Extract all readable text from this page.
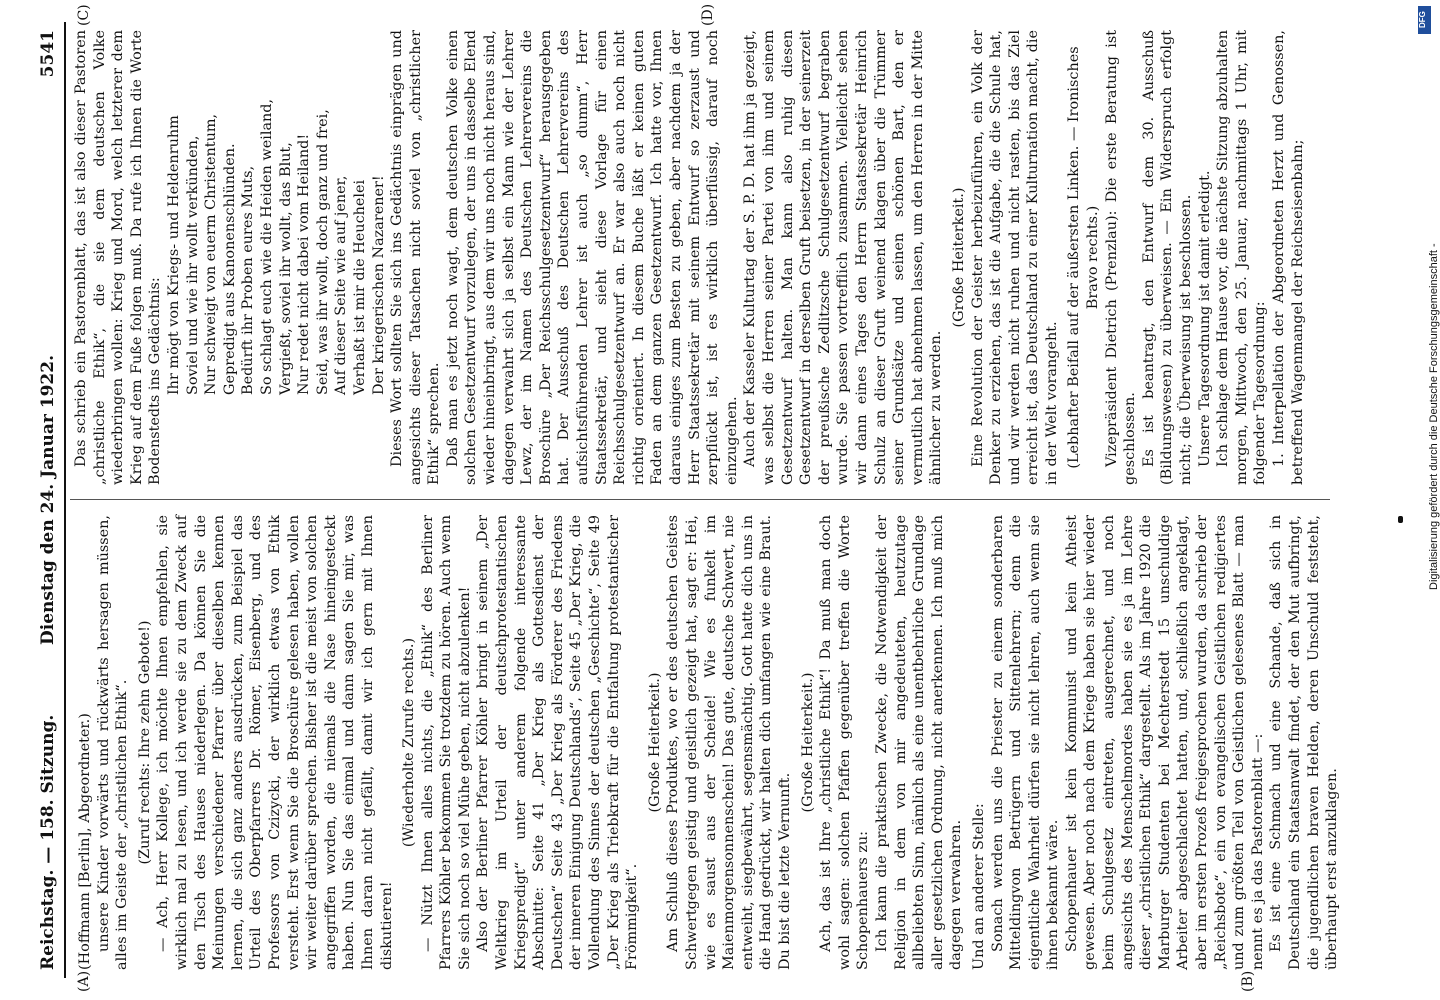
Reichstag. — 158. Sitzung.
Dienstag den 24. Januar 1922.
5541
(A)	(B)
(C)	(D)

(Hoffmann [Berlin], Abgeordneter.) unsere Kinder vorwärts und rückwärts hersagen müssen, alles im Geiste der „christlichen Ethik“. (Zuruf rechts: Ihre zehn Gebote!) — Ach, Herr Kollege, ich möchte Ihnen empfehlen, sie wirklich mal zu lesen, und ich werde sie zu dem Zweck auf den Tisch des Hauses niederlegen. Da können Sie die Meinungen verschiedener Pfarrer über dieselben kennen lernen, die sich ganz anders ausdrücken, zum Beispiel das Urteil des Oberpfarrers Dr. Römer, Eisenberg, und des Professors von Czizycki, der wirklich etwas von Ethik versteht. Erst wenn Sie die Broschüre gelesen haben, wollen wir weiter darüber sprechen. Bisher ist die meist von solchen angegriffen worden, die niemals die Nase hineingesteckt haben. Nun Sie das einmal und dann sagen Sie mir, was Ihnen daran nicht gefällt, damit wir ich gern mit Ihnen diskutieren!

(Wiederholte Zurufe rechts.) — Nützt Ihnen alles nichts, die „Ethik“ des Berliner Pfarrers Köhler bekommen Sie trotzdem zu hören. Auch wenn Sie sich noch so viel Mühe geben, nicht abzulenken! Also der Berliner Pfarrer Köhler bringt in seinem „Der Weltkrieg im Urteil der deutschprotestantischen Kriegspredigt“ unter anderem folgende interessante Abschnitte: Seite 41 „Der Krieg als Gottesdienst der Deutschen“ Seite 43 „Der Krieg als Förderer des Friedens der inneren Einigung Deutschlands“, Seite 45 „Der Krieg, die Vollendung des Sinnes der deutschen „Geschichte“, Seite 49 „Der Krieg als Triebkraft für die Entfaltung protestantischer Frömmigkeit“.

(Große Heiterkeit.) Am Schluß dieses Produktes, wo er des deutschen Geistes Schwertgegen geistig und geistlich gezeigt hat, sagt er: Hei, wie es saust aus der Scheide! Wie es funkelt im Maienmorgensonnenschein! Das gute, deutsche Schwert, nie entweiht, siegbewährt, segensmächtig. Gott hatte dich uns in die Hand gedrückt, wir halten dich umfangen wie eine Braut. Du bist die letzte Vernunft.

(Große Heiterkeit.) Ach, das ist Ihre „christliche Ethik“! Da muß man doch wohl sagen: solchen Pfaffen gegenüber treffen die Worte Schopenhauers zu: Ich kann die praktischen Zwecke, die Notwendigkeit der Religion in dem von mir angedeuteten, heutzutage allbeliebten Sinn, nämlich als eine unentbehrliche Grundlage aller gesetzlichen Ordnung, nicht anerkennen. Ich muß mich dagegen verwahren. Und an anderer Stelle: Sonach werden uns die Priester zu einem sonderbaren Mitteldingvon Betrügern und Sittenlehrern; denn die eigentliche Wahrheit dürfen sie nicht lehren, auch wenn sie ihnen bekannt wäre. Schopenhauer ist kein Kommunist und kein Atheist gewesen. Aber noch nach dem Kriege haben sie hier wieder beim Schulgesetz eintreten, ausgerechnet, und noch angesichts des Menschelmordes haben sie es ja im Lehre dieser „christlichen Ethik“ dargestellt. Als im Jahre 1920 die Marburger Studenten bei Mechterstedt 15 unschuldige Arbeiter abgeschlachtet hatten, und, schließlich angeklagt, aber im ersten Prozeß freigesprochen wurden, da schrieb der „Reichsbote“, ein von evangelischen Geistlichen redigiertes und zum größten Teil von Geistlichen gelesenes Blatt — man nennt es ja das Pastorenblatt —: Es ist eine Schmach und eine Schande, daß sich in Deutschland ein Staatsanwalt findet, der den Mut aufbringt, die jugendlichen braven Helden, deren Unschuld feststeht, überhaupt erst anzuklagen.

Das schrieb ein Pastorenblatt, das ist also dieser Pastoren „christliche Ethik“, die sie dem deutschen Volke wiederbringen wollen: Krieg und Mord, welch letzterer dem Krieg auf dem Fuße folgen muß. Da rufe ich Ihnen die Worte Bodenstedts ins Gedächtnis: Ihr mögt von Kriegs- und Heldenruhm Soviel und wie ihr wollt verkünden, Nur schweigt von euerm Christentum, Gepredigt aus Kanonenschlünden. Bedürft ihr Proben eures Muts, So schlagt euch wie die Heiden weiland, Vergießt, soviel ihr wollt, das Blut, Nur redet nicht dabei vom Heiland! Seid, was ihr wollt, doch ganz und frei, Auf dieser Seite wie auf jener, Verhaßt ist mir die Heuchelei Der kriegerischen Nazarener! Dieses Wort sollten Sie sich ins Gedächtnis einprägen und angesichts dieser Tatsachen nicht soviel von „christlicher Ethik“ sprechen. Daß man es jetzt noch wagt, dem deutschen Volke einen solchen Gesetzentwurf vorzulegen, der uns in dasselbe Elend wieder hineinbringt, aus dem wir uns noch nicht heraus sind, dagegen verwahrt sich ja selbst ein Mann wie der Lehrer Lewz, der im Namen des Deutschen Lehrervereins die Broschüre „Der Reichsschulgesetzentwurf“ herausgegeben hat. Der Ausschuß des Deutschen Lehrervereins des aufsichtsführenden Lehrer ist auch „so dumm“, Herr Staatssekretär, und sieht diese Vorlage für einen Reichsschulgesetzentwurf an. Er war also auch noch nicht richtig orientiert. In diesem Buche läßt er keinen guten Faden an dem ganzen Gesetzentwurf. Ich hatte vor, Ihnen daraus einiges zum Besten zu geben, aber nachdem ja der Herr Staatssekretär mit seinem Entwurf so zerzaust und zerpflückt ist, ist es wirklich überflüssig, darauf noch einzugehen. Auch der Kasseler Kulturtag der S. P. D. hat ihm ja gezeigt, was selbst die Herren seiner Partei von ihm und seinem Gesetzentwurf halten. Man kann also ruhig diesen Gesetzentwurf in derselben Gruft beisetzen, in der seinerzeit der preußische Zedlitzsche Schulgesetzentwurf begraben wurde. Sie passen vortrefflich zusammen. Vielleicht sehen wir dann eines Tages den Herrn Staatssekretär Heinrich Schulz an dieser Gruft weinend klagen über die Trümmer seiner Grundsätze und seinen schönen Bart, den er vermutlich hat abnehmen lassen, um den Herren in der Mitte ähnlicher zu werden.

(Große Heiterkeit.) Eine Revolution der Geister herbeizuführen, ein Volk der Denker zu erziehen, das ist die Aufgabe, die die Schule hat, und wir werden nicht ruhen und nicht rasten, bis das Ziel erreicht ist, das Deutschland zu einer Kulturnation macht, die in der Welt vorangeht. (Lebhafter Beifall auf der äußersten Linken. — Ironisches Bravo rechts.) Vizepräsident Dietrich (Prenzlau): Die erste Beratung ist geschlossen. Es ist beantragt, den Entwurf dem 30. Ausschuß (Bildungswesen) zu überweisen. — Ein Widerspruch erfolgt nicht; die Überweisung ist beschlossen. Unsere Tagesordnung ist damit erledigt. Ich schlage dem Hause vor, die nächste Sitzung abzuhalten morgen, Mittwoch, den 25. Januar, nachmittags 1 Uhr, mit folgender Tagesordnung: 1. Interpellation der Abgeordneten Herzt und Genossen, betreffend Wagenmangel der Reichseisenbahn;	Digitalisierung gefördert durch die Deutsche Forschungsgemeinschaft -
DFG
